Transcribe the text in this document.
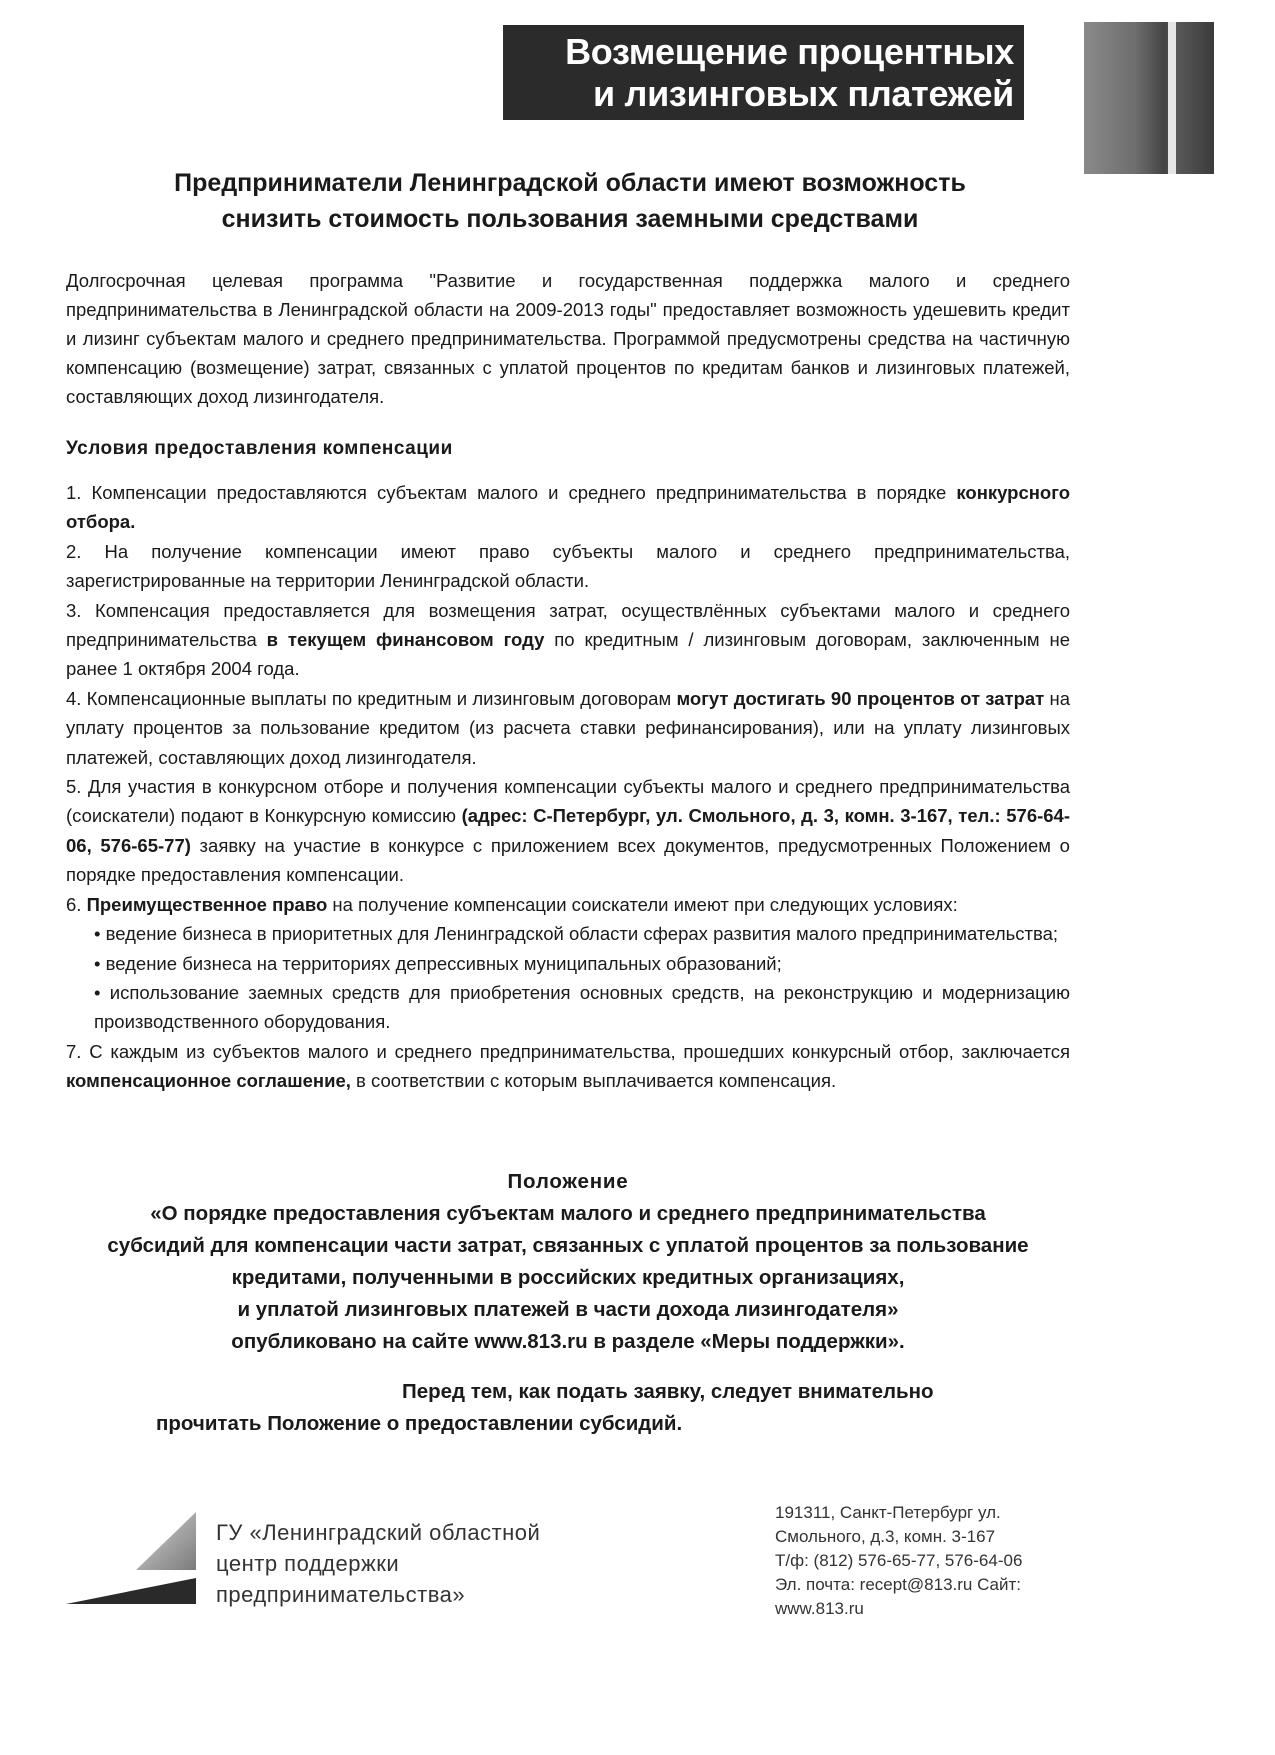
Возмещение процентных
и лизинговых платежей
Предприниматели Ленинградской области имеют возможность
снизить стоимость пользования заемными средствами
Долгосрочная целевая программа "Развитие и государственная поддержка малого и среднего предпринимательства в Ленинградской области на 2009-2013 годы" предоставляет возможность удешевить кредит и лизинг субъектам малого и среднего предпринимательства. Программой предусмотрены средства на частичную компенсацию (возмещение) затрат, связанных с уплатой процентов по кредитам банков и лизинговых платежей, составляющих доход лизингодателя.
Условия предоставления компенсации

1. Компенсации предоставляются субъектам малого и среднего предпринимательства в порядке конкурсного отбора.

2. На получение компенсации имеют право субъекты малого и среднего предпринимательства, зарегистрированные на территории Ленинградской области.

3. Компенсация предоставляется для возмещения затрат, осуществлённых субъектами малого и среднего предпринимательства в текущем финансовом году по кредитным / лизинговым договорам, заключенным не ранее 1 октября 2004 года.

4. Компенсационные выплаты по кредитным и лизинговым договорам могут достигать 90 процентов от затрат на уплату процентов за пользование кредитом (из расчета ставки рефинансирования), или на уплату лизинговых платежей, составляющих доход лизингодателя.

5. Для участия в конкурсном отборе и получения компенсации субъекты малого и среднего предпринимательства (соискатели) подают в Конкурсную комиссию (адрес: С-Петербург, ул. Смольного, д. 3, комн. 3-167, тел.: 576-64-06, 576-65-77) заявку на участие в конкурсе с приложением всех документов, предусмотренных Положением о порядке предоставления компенсации.

6. Преимущественное право на получение компенсации соискатели имеют при следующих условиях:

• ведение бизнеса в приоритетных для Ленинградской области сферах развития малого предпринимательства;

• ведение бизнеса на территориях депрессивных муниципальных образований;

• использование заемных средств для приобретения основных средств, на реконструкцию и модернизацию производственного оборудования.

7. С каждым из субъектов малого и среднего предпринимательства, прошедших конкурсный отбор, заключается компенсационное соглашение, в соответствии с которым выплачивается компенсация.

Положение
«О порядке предоставления субъектам малого и среднего предпринимательства
субсидий для компенсации части затрат, связанных с уплатой процентов за пользование
кредитами, полученными в российских кредитных организациях,
и уплатой лизинговых платежей в части дохода лизингодателя»
опубликовано на сайте www.813.ru в разделе «Меры поддержки».
Перед тем, как подать заявку, следует внимательно
прочитать Положение о предоставлении субсидий.
ГУ «Ленинградский областной
центр поддержки
предпринимательства»
191311, Санкт-Петербург ул.
Смольного, д.3, комн. 3-167
Т/ф: (812) 576-65-77, 576-64-06
Эл. почта: recept@813.ru Сайт:
www.813.ru
